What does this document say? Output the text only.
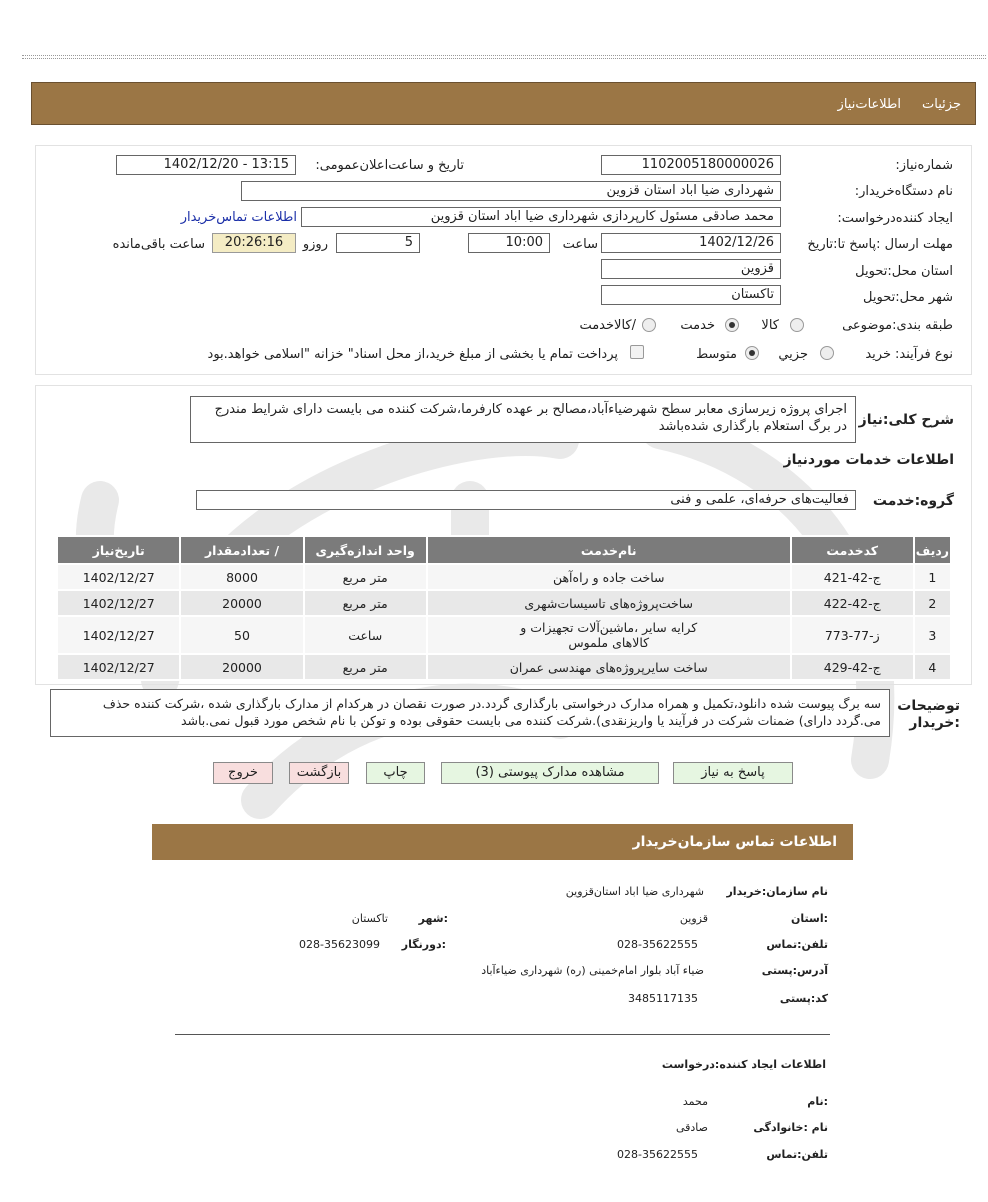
جزئیات
اطلاعات‌نیاز
شماره‌نیاز:
1102005180000026
تاریخ و ساعت‌اعلان‌عمومی:
1402/12/20 - 13:15
نام دستگاه‌خریدار:
شهرداری ضیا اباد استان قزوین
ایجاد کننده‌درخواست:
محمد صادقی مسئول کارپردازی شهرداری ضیا اباد استان قزوین
اطلاعات تماس‌خریدار
مهلت ارسال :پاسخ تا:تاریخ
1402/12/26
ساعت
10:00
5
روزو
20:26:16
ساعت باقی‌مانده
استان محل:تحویل
قزوین
شهر محل:تحویل
تاکستان
طبقه بندی:موضوعی
کالا
خدمت
/کالاخدمت
نوع فرآیند:
خرید
جزیي
متوسط
پرداخت تمام یا بخشی از مبلغ خرید،از محل اسناد" خزانه "اسلامی خواهد.بود
شرح کلی:نیاز
اجرای پروژه زیرسازی معابر سطح شهرضیاءآباد،مصالح بر عهده کارفرما،شرکت کننده می بایست دارای شرایط مندرج در برگ استعلام بارگذاری شده‌باشد
اطلاعات خدمات موردنیاز
گروه:خدمت
فعالیت‌های حرفه‌ای، علمی و فنی
ردیف	کدخدمت	نام‌خدمت	واحد اندازه‌گیری	/ تعدادمقدار	تاریخ‌نیاز
1	ج-42-421	ساخت جاده و راه‌آهن	متر مربع	8000	1402/12/27
2	ج-42-422	ساخت‌پروژه‌های تاسیسات‌شهری	متر مربع	20000	1402/12/27
3	ز-77-773	کرایه سایر ،ماشین‌آلات تجهیزات و کالاهای ملموس	ساعت	50	1402/12/27
4	ج-42-429	ساخت سایرپروژه‌های مهندسی عمران	متر مربع	20000	1402/12/27
توضیحات :خریدار
سه برگ پیوست شده دانلود،تکمیل و همراه مدارک درخواستی بارگذاری گردد.در صورت نقصان در هرکدام از مدارک بارگذاری شده ،شرکت کننده حذف می.گردد دارای) ضمنات شرکت در فرآیند یا واریزنقدی).شرکت کننده می بایست حقوقی بوده و توکن با نام شخص مورد قبول نمی.باشد
پاسخ به نیاز
مشاهده مدارک پیوستی (3)
چاپ
بازگشت
خروج
اطلاعات تماس سازمان‌خریدار
نام سازمان:خریدار
شهرداری ضیا اباد استان‌قزوین
:استان
قزوین
:شهر
تاکستان
تلفن:تماس
028-35622555
:دورنگار
028-35623099
آدرس:پستی
ضیاء آباد بلوار امام‌خمینی (ره) شهرداری ضیاءآباد
کد:پستی
3485117135
اطلاعات ایجاد کننده:درخواست
:نام
محمد
نام :خانوادگی
صادقی
تلفن:تماس
028-35622555
